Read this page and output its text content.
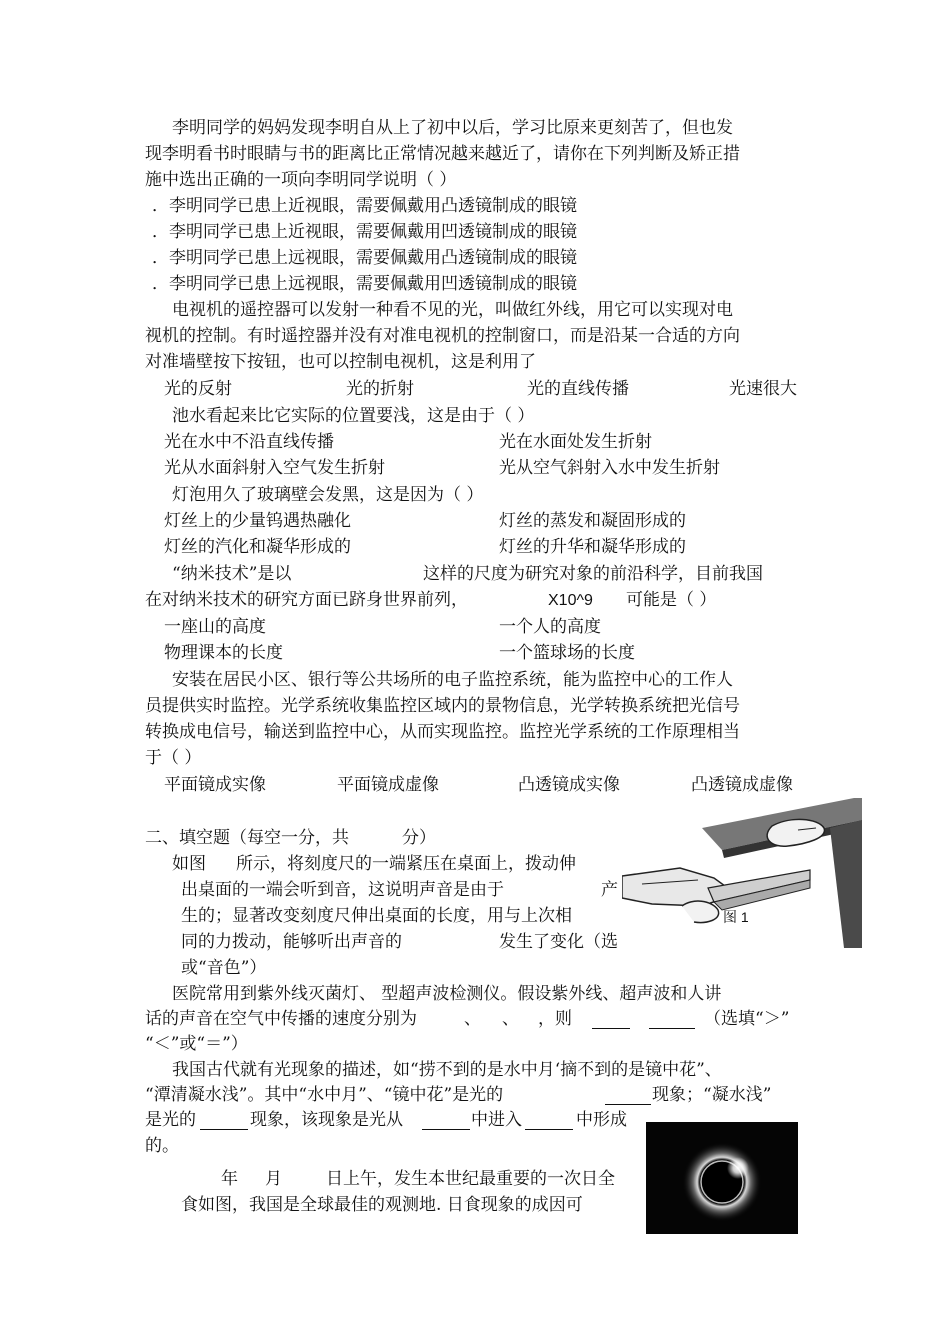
李明同学的妈妈发现李明自从上了初中以后，学习比原来更刻苦了，但也发
现李明看书时眼睛与书的距离比正常情况越来越近了，请你在下列判断及矫正措
施中选出正确的一项向李明同学说明（ ）
．李明同学已患上近视眼，需要佩戴用凸透镜制成的眼镜
．李明同学已患上近视眼，需要佩戴用凹透镜制成的眼镜
．李明同学已患上远视眼，需要佩戴用凸透镜制成的眼镜
．李明同学已患上远视眼，需要佩戴用凹透镜制成的眼镜
电视机的遥控器可以发射一种看不见的光，叫做红外线，用它可以实现对电
视机的控制。有时遥控器并没有对准电视机的控制窗口，而是沿某一合适的方向
对准墙壁按下按钮，也可以控制电视机，这是利用了
光的反射	光的折射	光的直线传播	光速很大
池水看起来比它实际的位置要浅，这是由于（ ）
光在水中不沿直线传播	光在水面处发生折射
光从水面斜射入空气发生折射	光从空气斜射入水中发生折射
灯泡用久了玻璃壁会发黑，这是因为（ ）
灯丝上的少量钨遇热融化	灯丝的蒸发和凝固形成的
灯丝的汽化和凝华形成的	灯丝的升华和凝华形成的
“纳米技术”是以	这样的尺度为研究对象的前沿科学，目前我国
在对纳米技术的研究方面已跻身世界前列，	X10^9 可能是（ ）
一座山的高度	一个人的高度
物理课本的长度	一个篮球场的长度
安装在居民小区、银行等公共场所的电子监控系统，能为监控中心的工作人
员提供实时监控。光学系统收集监控区域内的景物信息，光学转换系统把光信号
转换成电信号，输送到监控中心，从而实现监控。监控光学系统的工作原理相当
于（ ）
平面镜成实像	平面镜成虚像	凸透镜成实像	凸透镜成虚像
二、填空题（每空一分，共	分）
如图 所示，将刻度尺的一端紧压在桌面上，拨动伸
出桌面的一端会听到音，这说明声音是由于	产
生的；显著改变刻度尺伸出桌面的长度，用与上次相	图 1
同的力拨动，能够听出声音的	发生了变化（选
或“音色”）
医院常用到紫外线灭菌灯、 型超声波检测仪。假设紫外线、超声波和人讲
话的声音在空气中传播的速度分别为	、 、 ，则	（选填“＞”
“＜”或“＝”）
我国古代就有光现象的描述，如“捞不到的是水中月‘摘不到的是镜中花”、
“潭清凝水浅”。其中“水中月”、“镜中花”是光的	现象；“凝水浅”
是光的	现象，该现象是光从	中进入	中形成
的。
年 月	日上午，发生本世纪最重要的一次日全
食如图，我国是全球最佳的观测地. 日食现象的成因可
